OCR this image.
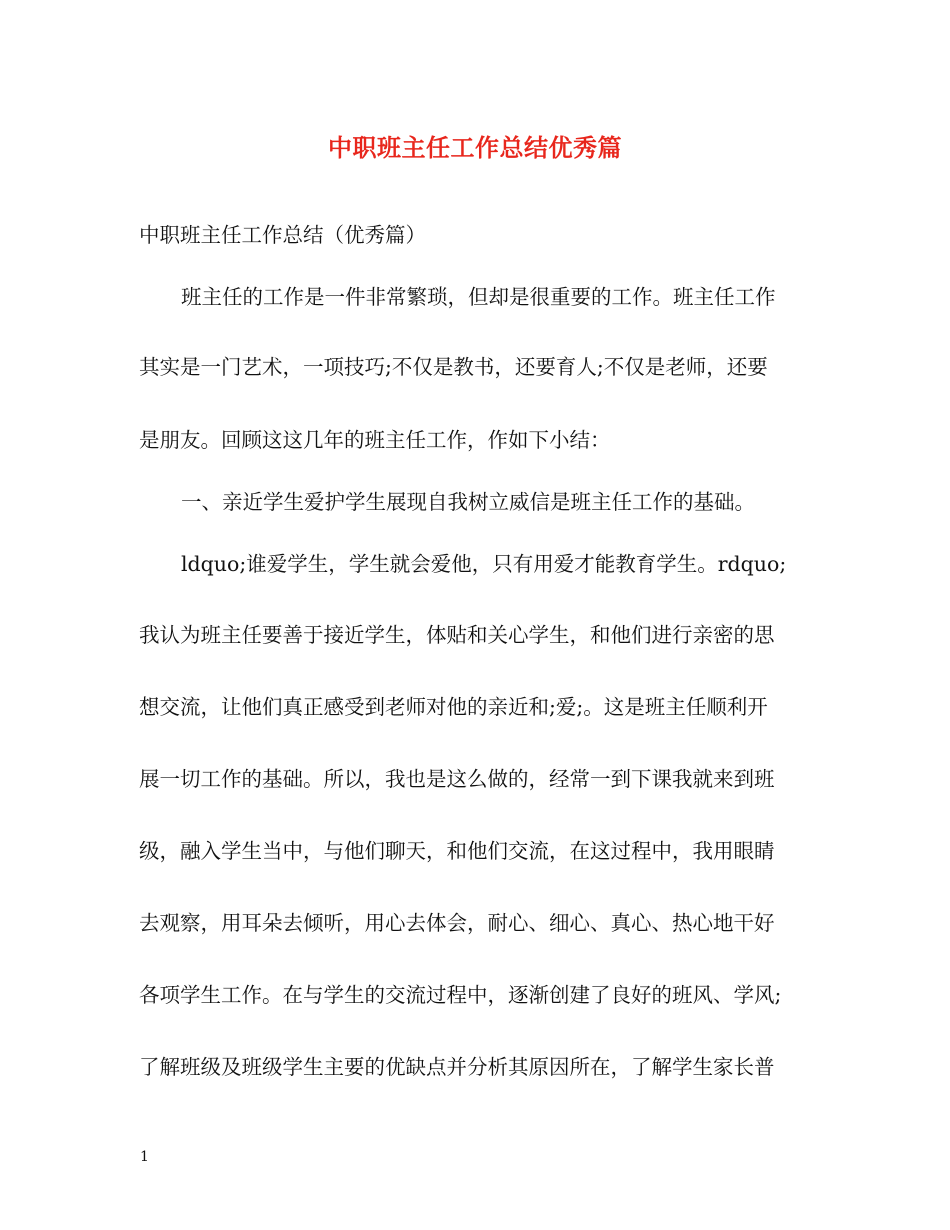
中职班主任工作总结优秀篇
中职班主任工作总结（优秀篇）
班主任的工作是一件非常繁琐，但却是很重要的工作。班主任工作
其实是一门艺术，一项技巧;不仅是教书，还要育人;不仅是老师，还要
是朋友。回顾这这几年的班主任工作，作如下小结：
一、亲近学生爱护学生展现自我树立威信是班主任工作的基础。
ldquo;谁爱学生，学生就会爱他，只有用爱才能教育学生。rdquo;
我认为班主任要善于接近学生，体贴和关心学生，和他们进行亲密的思
想交流，让他们真正感受到老师对他的亲近和;爱;。这是班主任顺利开
展一切工作的基础。所以，我也是这么做的，经常一到下课我就来到班
级，融入学生当中，与他们聊天，和他们交流，在这过程中，我用眼睛
去观察，用耳朵去倾听，用心去体会，耐心、细心、真心、热心地干好
各项学生工作。在与学生的交流过程中，逐渐创建了良好的班风、学风;
了解班级及班级学生主要的优缺点并分析其原因所在，了解学生家长普
1
